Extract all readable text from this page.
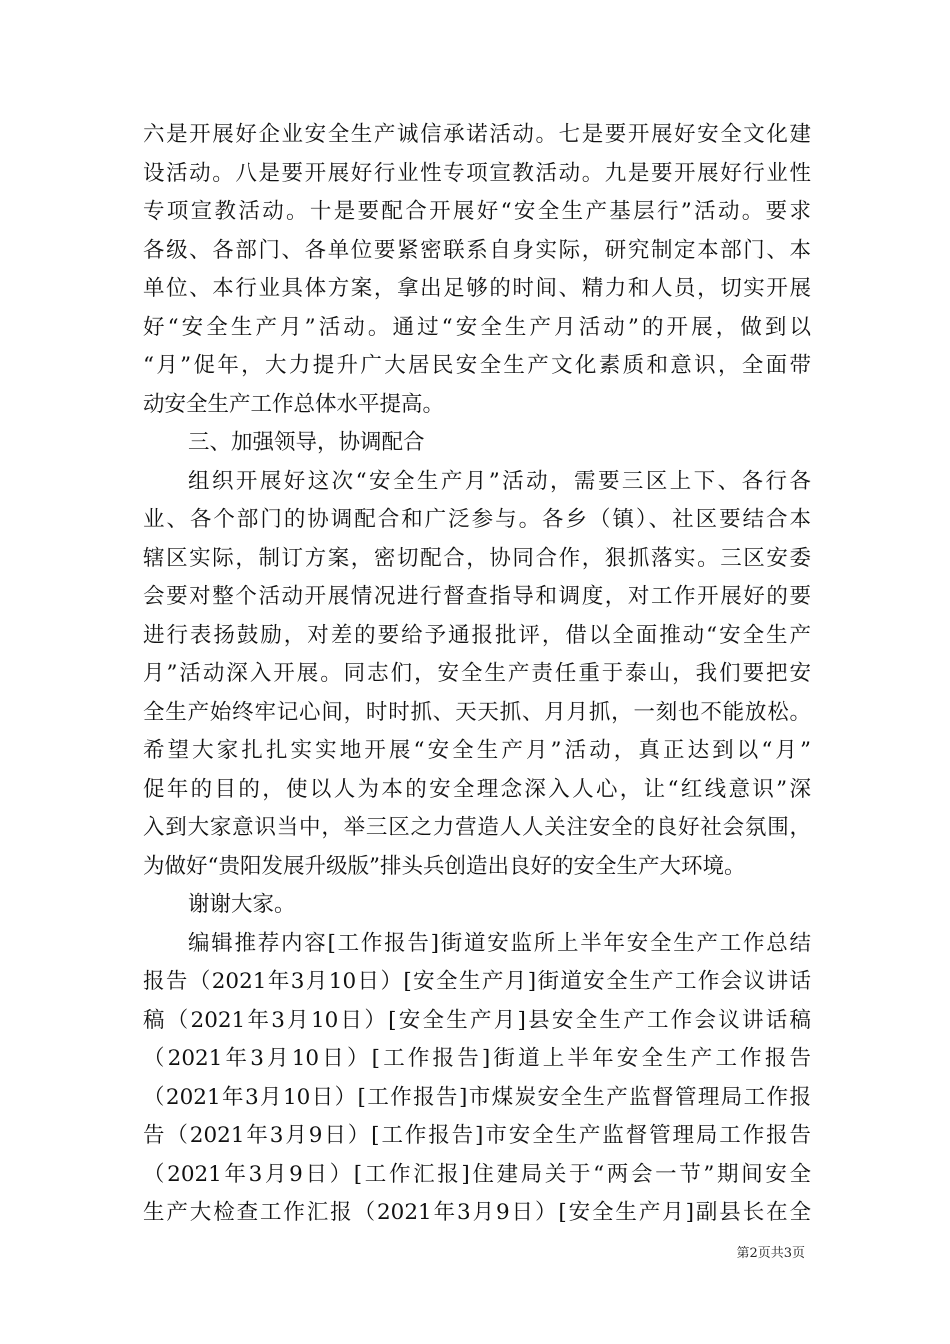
六是开展好企业安全生产诚信承诺活动。七是要开展好安全文化建
设活动。八是要开展好行业性专项宣教活动。九是要开展好行业性
专项宣教活动。十是要配合开展好“安全生产基层行”活动。要求
各级、各部门、各单位要紧密联系自身实际，研究制定本部门、本
单位、本行业具体方案，拿出足够的时间、精力和人员，切实开展
好“安全生产月”活动。通过“安全生产月活动”的开展，做到以
“月”促年，大力提升广大居民安全生产文化素质和意识，全面带
动安全生产工作总体水平提高。
三、加强领导，协调配合
组织开展好这次“安全生产月”活动，需要三区上下、各行各
业、各个部门的协调配合和广泛参与。各乡（镇）、社区要结合本
辖区实际，制订方案，密切配合，协同合作，狠抓落实。三区安委
会要对整个活动开展情况进行督查指导和调度，对工作开展好的要
进行表扬鼓励，对差的要给予通报批评，借以全面推动“安全生产
月”活动深入开展。同志们，安全生产责任重于泰山，我们要把安
全生产始终牢记心间，时时抓、天天抓、月月抓，一刻也不能放松。
希望大家扎扎实实地开展“安全生产月”活动，真正达到以“月”
促年的目的，使以人为本的安全理念深入人心，让“红线意识”深
入到大家意识当中，举三区之力营造人人关注安全的良好社会氛围，
为做好“贵阳发展升级版”排头兵创造出良好的安全生产大环境。
谢谢大家。
编辑推荐内容[工作报告]街道安监所上半年安全生产工作总结
报告（2021年3月10日）[安全生产月]街道安全生产工作会议讲话
稿（2021年3月10日）[安全生产月]县安全生产工作会议讲话稿
（2021年3月10日）[工作报告]街道上半年安全生产工作报告
（2021年3月10日）[工作报告]市煤炭安全生产监督管理局工作报
告（2021年3月9日）[工作报告]市安全生产监督管理局工作报告
（2021年3月9日）[工作汇报]住建局关于“两会一节”期间安全
生产大检查工作汇报（2021年3月9日）[安全生产月]副县长在全
第2页共3页
